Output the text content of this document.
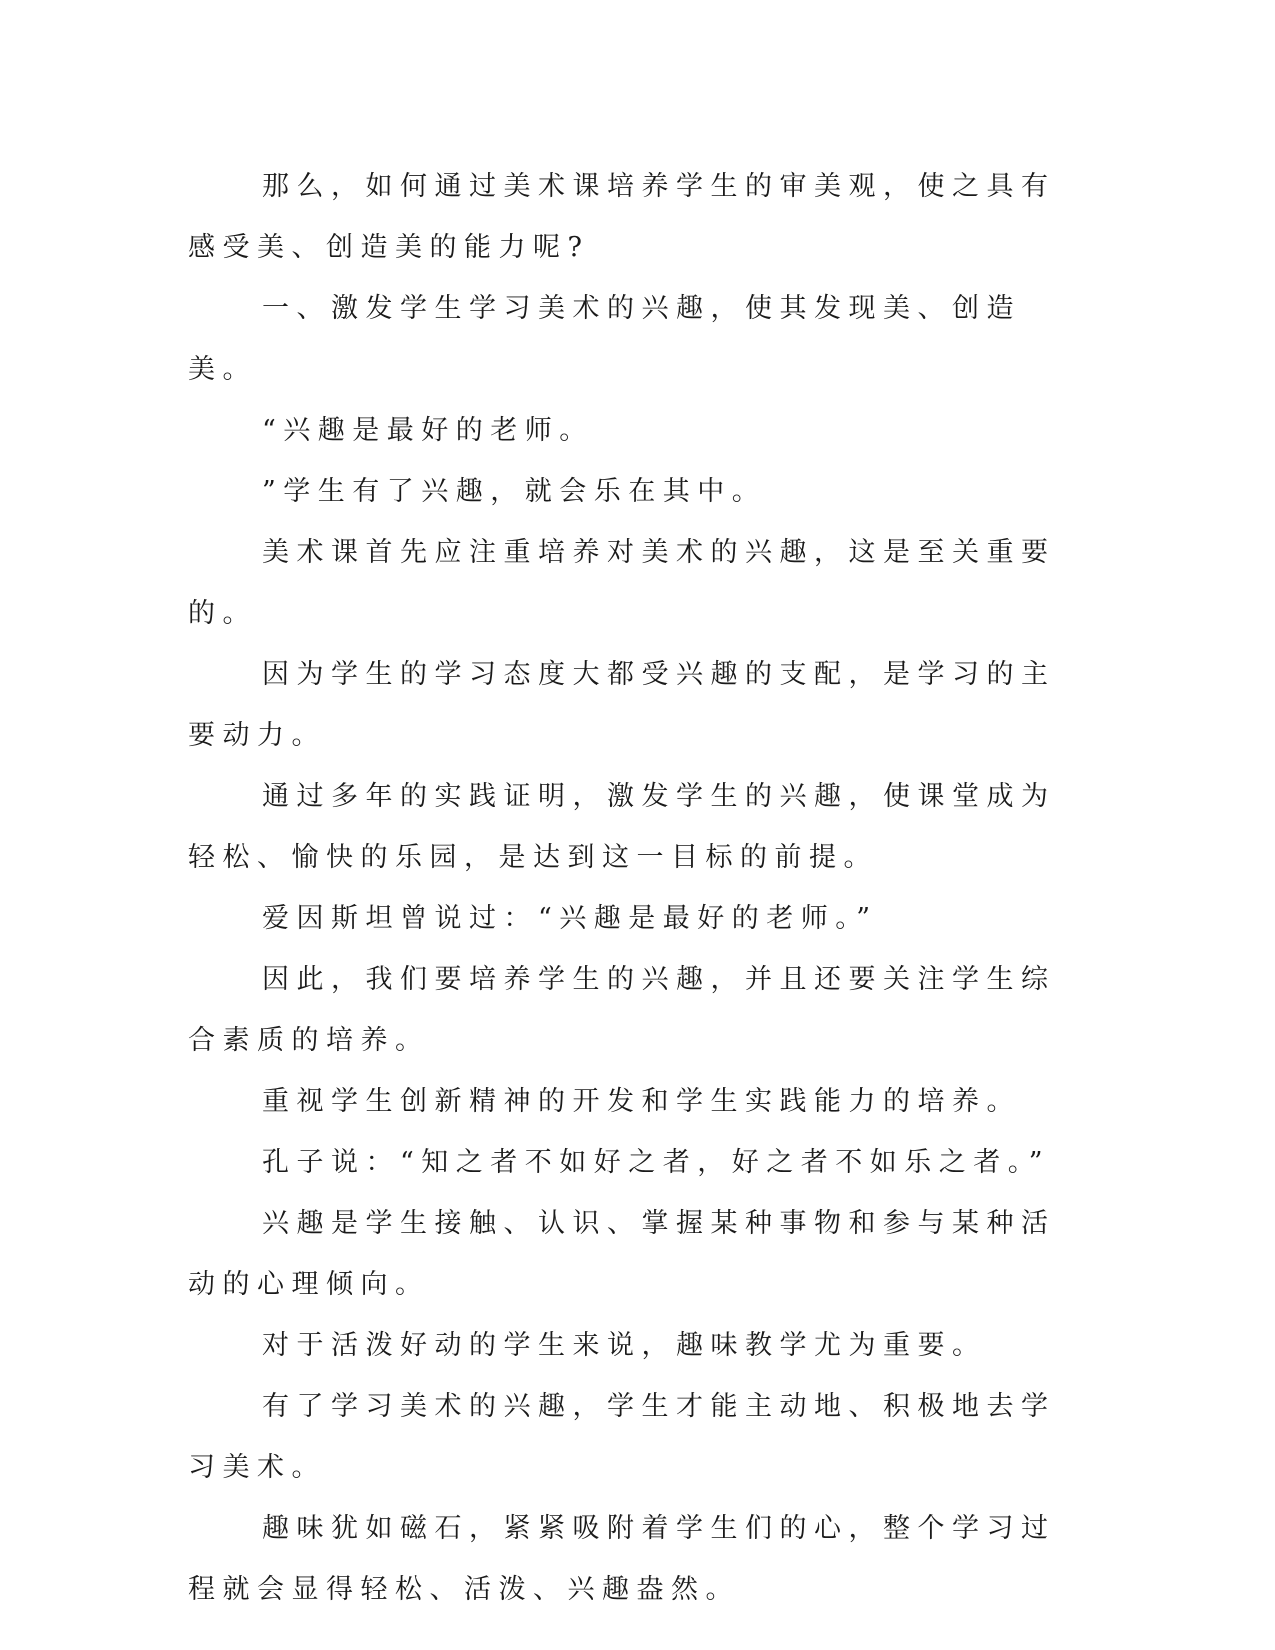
那么，如何通过美术课培养学生的审美观，使之具有感受美、创造美的能力呢?

一、激发学生学习美术的兴趣，使其发现美、创造美。

“兴趣是最好的老师。

”学生有了兴趣，就会乐在其中。

美术课首先应注重培养对美术的兴趣，这是至关重要的。

因为学生的学习态度大都受兴趣的支配，是学习的主要动力。

通过多年的实践证明，激发学生的兴趣，使课堂成为轻松、愉快的乐园，是达到这一目标的前提。

爱因斯坦曾说过：“兴趣是最好的老师。”

因此，我们要培养学生的兴趣，并且还要关注学生综合素质的培养。

重视学生创新精神的开发和学生实践能力的培养。

孔子说：“知之者不如好之者，好之者不如乐之者。”

兴趣是学生接触、认识、掌握某种事物和参与某种活动的心理倾向。

对于活泼好动的学生来说，趣味教学尤为重要。

有了学习美术的兴趣，学生才能主动地、积极地去学习美术。

趣味犹如磁石，紧紧吸附着学生们的心，整个学习过程就会显得轻松、活泼、兴趣盎然。
